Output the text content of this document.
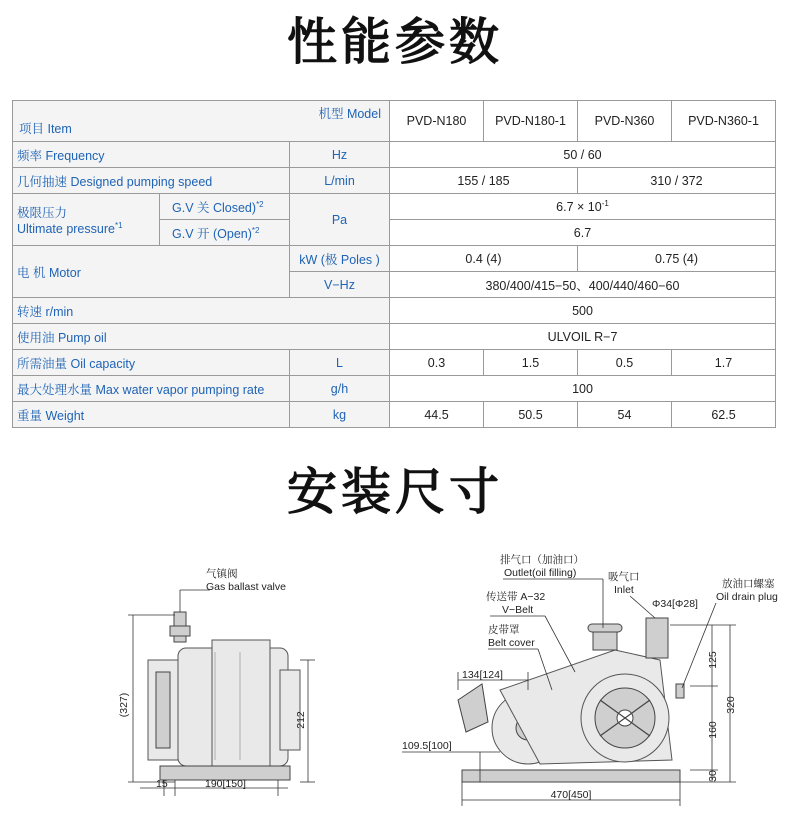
性能参数
机型 Model
项目 Item			PVD-N180	PVD-N180-1	PVD-N360	PVD-N360-1
频率 Frequency		Hz	50 / 60			
几何抽速 Designed pumping speed		L/min	155 / 185		310 / 372	
极限压力
Ultimate pressure$^{*1}$	G.V 关 Closed)$^{*2}$	Pa	$6.7 \times 10^{-1}$
	G.V 开 (Open)$^{*2}$		6.7			
电 机 Motor		kW (极 Poles )	0.4 (4)		0.75 (4)	
		V−Hz	380/400/415−50、400/440/460−60			
转速 r/min			500			
使用油 Pump oil			ULVOIL R−7			
所需油量 Oil capacity		L	0.3	1.5	0.5	1.7
最大处理水量 Max water vapor pumping rate		g/h	100			
重量 Weight		kg	44.5	50.5	54	62.5
安装尺寸
气镇阀
Gas ballast valve
(327)
212
15	190[150]
排气口（加油口）
Outlet(oil filling)	吸气口
Inlet
Φ34[Φ28]
放油口螺塞
Oil drain plug
传送带 A−32
V−Belt
皮带罩
Belt cover
134[124]
109.5[100]
125
160
30
320
470[450]
